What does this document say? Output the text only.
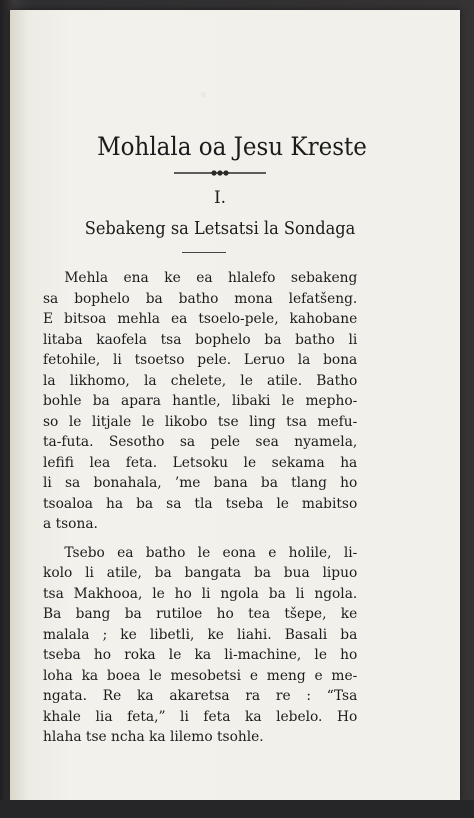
◦
Mohlala oa Jesu Kreste
I.
Sebakeng sa Letsatsi la Sondaga
Mehla ena ke ea hlalefo sebakeng
sa bophelo ba batho mona lefatšeng.
E bitsoa mehla ea tsoelo-pele, kahobane
litaba kaofela tsa bophelo ba batho li
fetohile, li tsoetso pele. Leruo la bona
la likhomo, la chelete, le atile. Batho
bohle ba apara hantle, libaki le mepho-
so le litjale le likobo tse ling tsa mefu-
ta-futa. Sesotho sa pele sea nyamela,
lefifi lea feta. Letsoku le sekama ha
li sa bonahala, ’me bana ba tlang ho
tsoaloa ha ba sa tla tseba le mabitso
a tsona.
Tsebo ea batho le eona e holile, li-
kolo li atile, ba bangata ba bua lipuo
tsa Makhooa, le ho li ngola ba li ngola.
Ba bang ba rutiloe ho tea tšepe, ke
malala ; ke libetli, ke liahi. Basali ba
tseba ho roka le ka li-machine, le ho
loha ka boea le mesobetsi e meng e me-
ngata. Re ka akaretsa ra re : “Tsa
khale lia feta,” li feta ka lebelo. Ho
hlaha tse ncha ka lilemo tsohle.
